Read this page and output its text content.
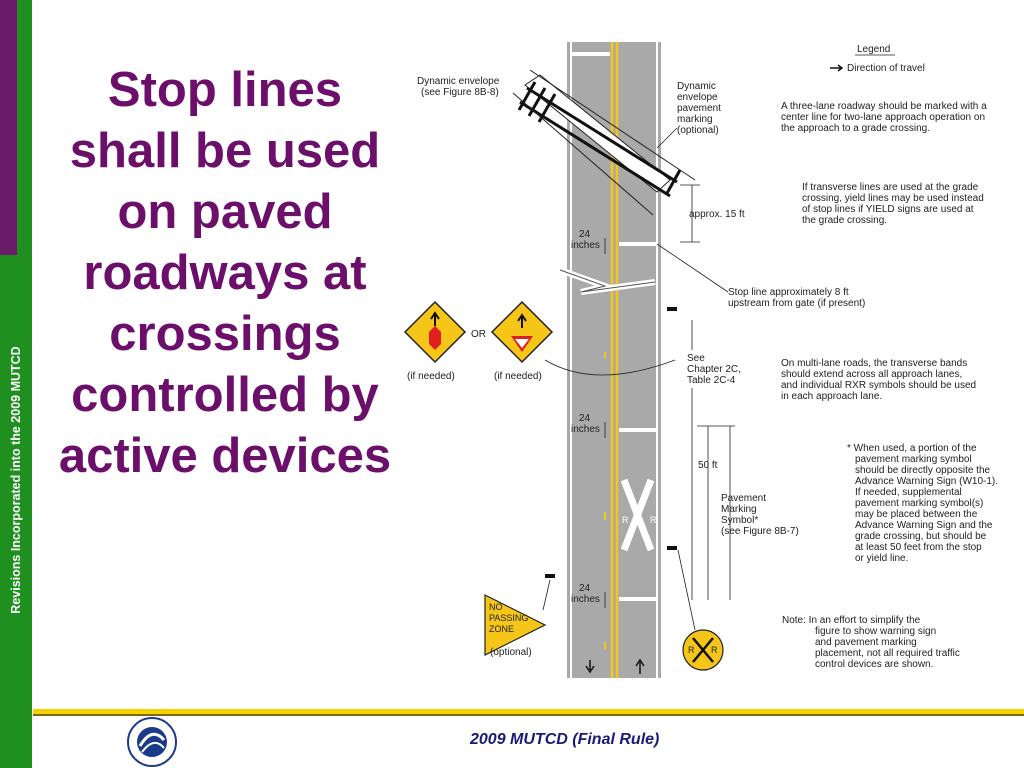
Revisions Incorporated into the 2009 MUTCD
Stop lines shall be used on paved roadways at crossings controlled by active devices
R R
Legend
Direction of travel
Dynamic envelope
(see Figure 8B-8)
Dynamic
envelope
pavement
marking
(optional)
A three-lane roadway should be marked with a
center line for two-lane approach operation on
the approach to a grade crossing.
If transverse lines are used at the grade
crossing, yield lines may be used instead
of stop lines if YIELD signs are used at
the grade crossing.
approx. 15 ft
24
inches
Stop line approximately 8 ft
upstream from gate (if present)
OR
(if needed)	(if needed)
See
Chapter 2C,
Table 2C-4
On multi-lane roads, the transverse bands
should extend across all approach lanes,
and individual RXR symbols should be used
in each approach lane.
24
inches
50 ft
Pavement
Marking
Symbol*
(see Figure 8B-7)
* When used, a portion of the
pavement marking symbol
should be directly opposite the
Advance Warning Sign (W10-1).
If needed, supplemental
pavement marking symbol(s)
may be placed between the
Advance Warning Sign and the
grade crossing, but should be
at least 50 feet from the stop
or yield line.
24
inches
NO
PASSING
ZONE
(optional)	R R
Note: In an effort to simplify the
figure to show warning sign
and pavement marking
placement, not all required traffic
control devices are shown.
2009 MUTCD (Final Rule)
